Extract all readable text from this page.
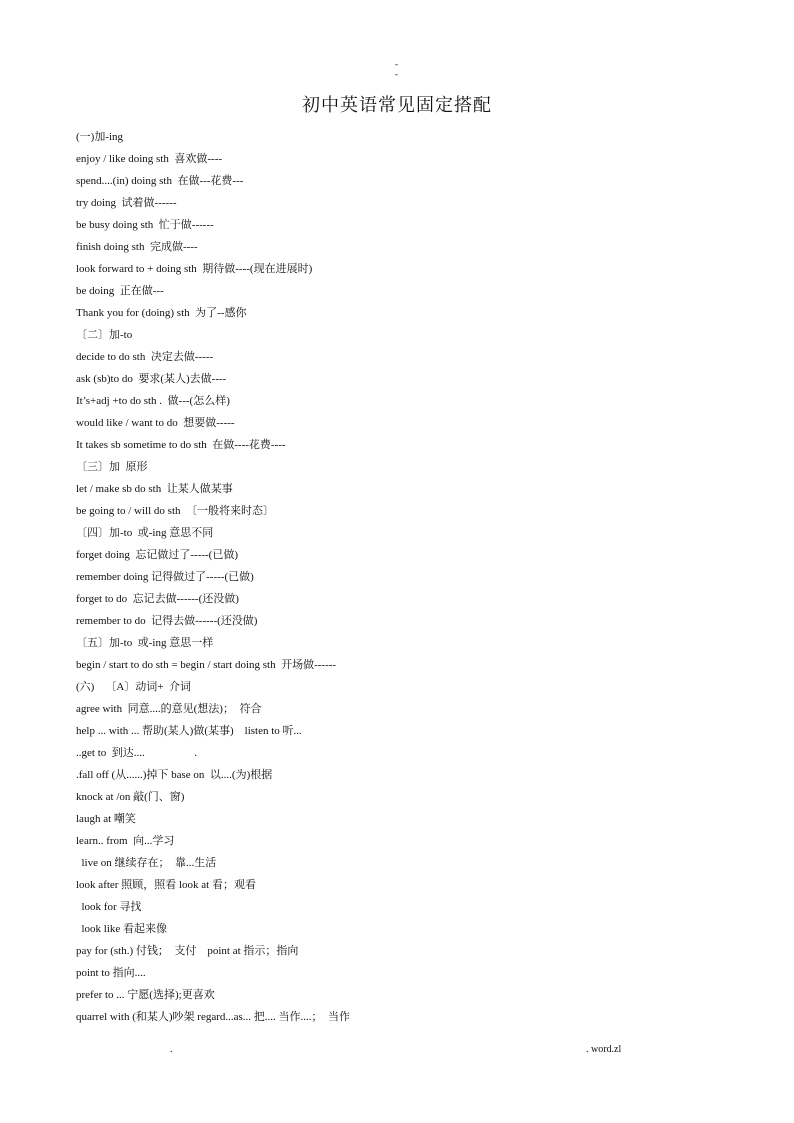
-
-
初中英语常见固定搭配
(一)加-ing
enjoy / like doing sth  喜欢做----
spend....(in) doing sth  在做---花费---
try doing  试着做------
be busy doing sth  忙于做------
finish doing sth  完成做----
look forward to + doing sth  期待做----(现在进展时)
be doing  正在做---
Thank you for (doing) sth  为了--感你
〔二〕加-to
decide to do sth  决定去做-----
ask (sb)to do  要求(某人)去做----
It’s+adj +to do sth .  做---(怎么样)
would like / want to do  想要做-----
It takes sb sometime to do sth  在做----花费----
〔三〕加  原形
let / make sb do sth  让某人做某事
be going to / will do sth  〔一般将来时态〕
〔四〕加-to  或-ing 意思不同
forget doing  忘记做过了-----(已做)
remember doing 记得做过了-----(已做)
forget to do  忘记去做------(还没做)
remember to do  记得去做------(还没做)
〔五〕加-to  或-ing 意思一样
begin / start to do sth = begin / start doing sth  开场做------
(六)    〔A〕动词+  介词
agree with  同意....的意见(想法)；  符合
help ... with ... 帮助(某人)做(某事)    listen to 听...
..get to  到达....                  .
.fall off (从......)掉下 base on  以....(为)根据
knock at /on 敲(门、窗)
laugh at 嘲笑
learn.. from  向...学习
live on 继续存在；  靠...生活
look after 照顾，照看 look at 看；观看
look for 寻找
look like 看起来像
pay for (sth.) 付钱；  支付    point at 指示；指向
point to 指向....
prefer to ... 宁愿(选择);更喜欢
quarrel with (和某人)吵架 regard...as... 把.... 当作....；  当作
.	. word.zl
